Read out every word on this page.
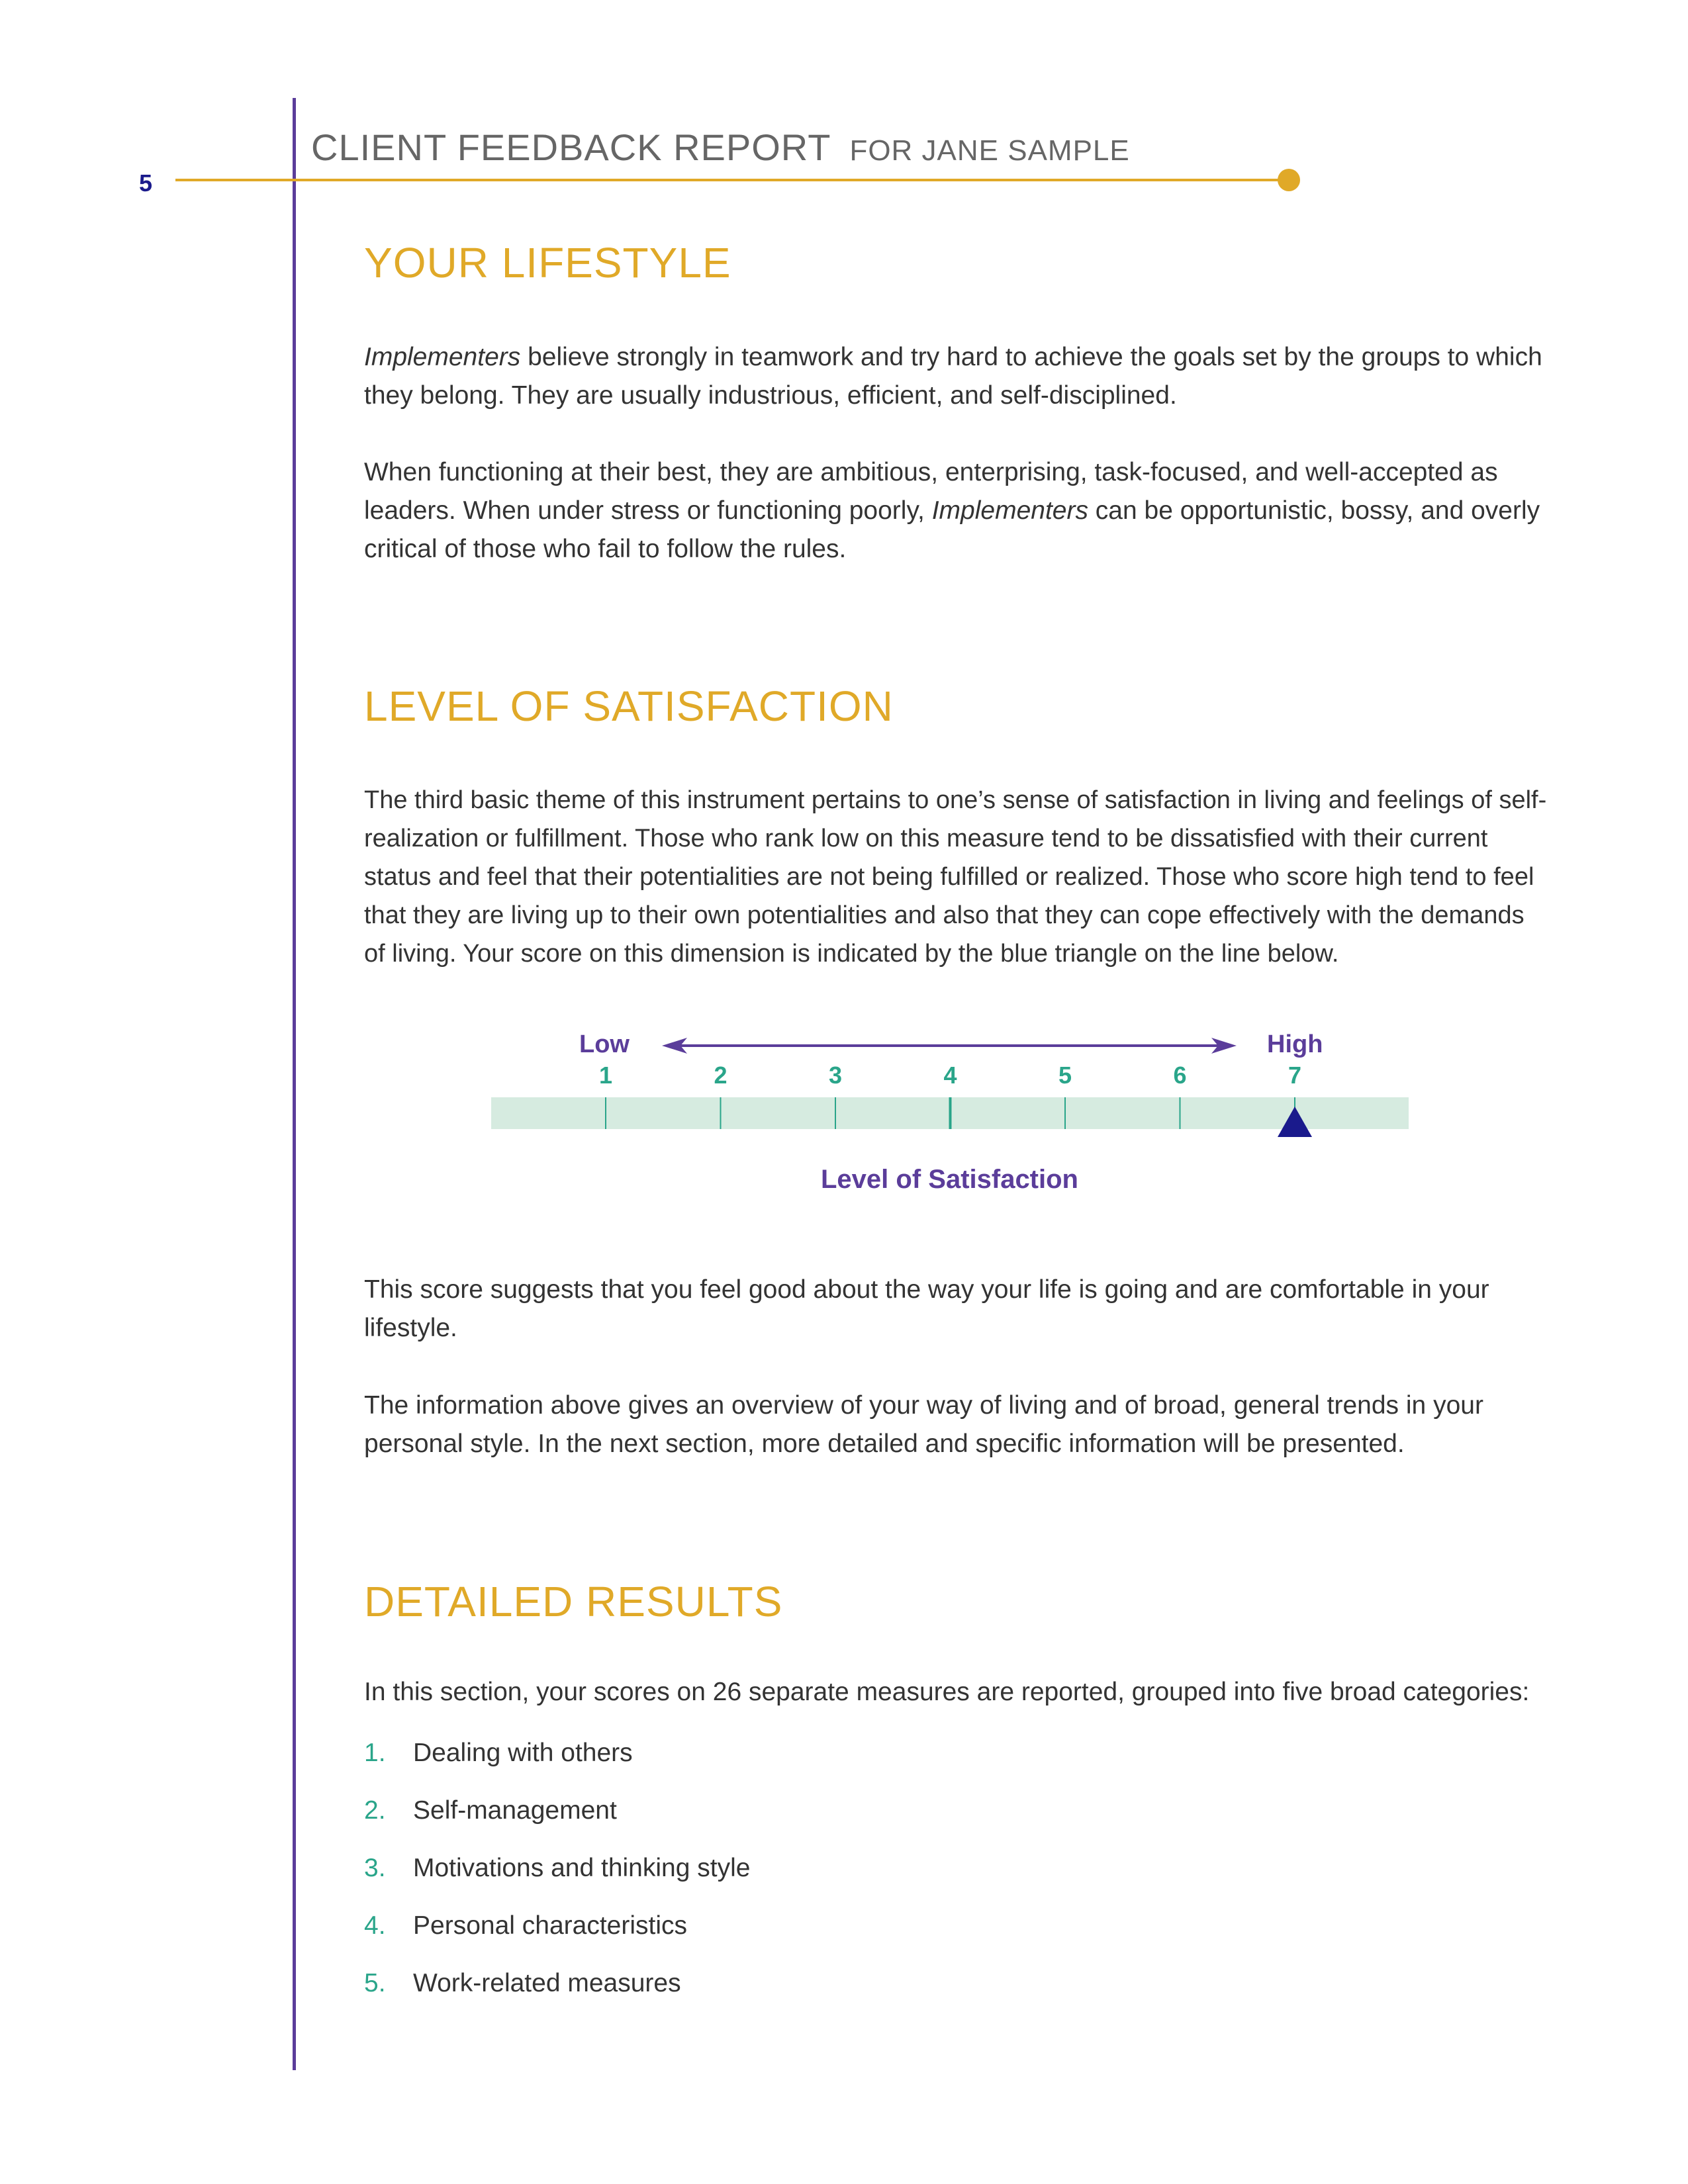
5
CLIENT FEEDBACK REPORT FOR JANE SAMPLE
YOUR LIFESTYLE
Implementers believe strongly in teamwork and try hard to achieve the goals set by the groups to which they belong. They are usually industrious, efficient, and self-disciplined.
When functioning at their best, they are ambitious, enterprising, task-focused, and well-accepted as leaders. When under stress or functioning poorly, Implementers can be opportunistic, bossy, and overly critical of those who fail to follow the rules.
LEVEL OF SATISFACTION
The third basic theme of this instrument pertains to one’s sense of satisfaction in living and feelings of self-realization or fulfillment. Those who rank low on this measure tend to be dissatisfied with their current status and feel that their potentialities are not being fulfilled or realized. Those who score high tend to feel that they are living up to their own potentialities and also that they can cope effectively with the demands of living. Your score on this dimension is indicated by the blue triangle on the line below.
Low	High
1	2	3	4	5	6	7
Level of Satisfaction
This score suggests that you feel good about the way your life is going and are comfortable in your lifestyle.
The information above gives an overview of your way of living and of broad, general trends in your personal style. In the next section, more detailed and specific information will be presented.
DETAILED RESULTS
In this section, your scores on 26 separate measures are reported, grouped into five broad categories:
1. Dealing with others
2. Self-management
3. Motivations and thinking style
4. Personal characteristics
5. Work-related measures
